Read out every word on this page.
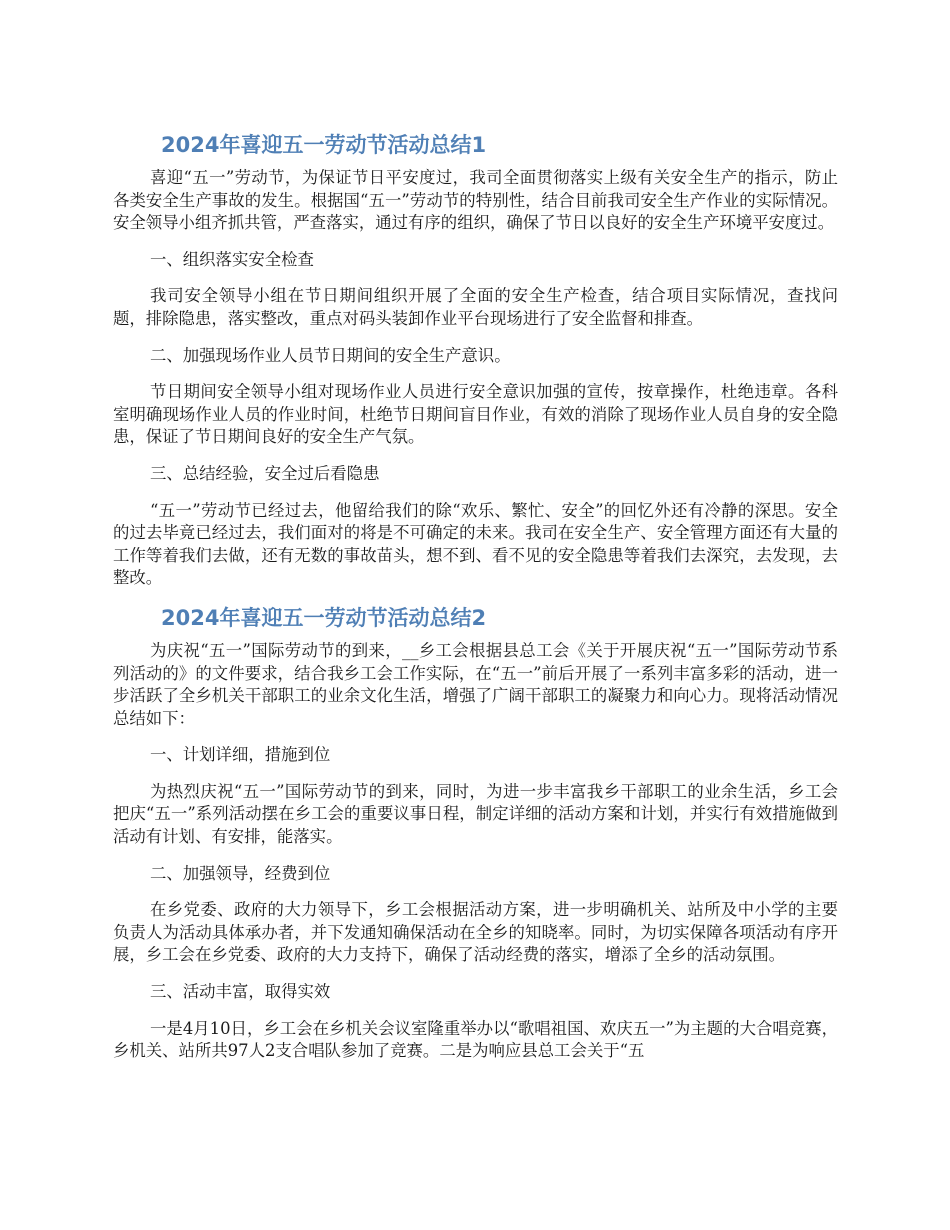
2024年喜迎五一劳动节活动总结1

喜迎“五一”劳动节，为保证节日平安度过，我司全面贯彻落实上级有关安全生产的指示，防止各类安全生产事故的发生。根据国“五一”劳动节的特别性，结合目前我司安全生产作业的实际情况。安全领导小组齐抓共管，严查落实，通过有序的组织，确保了节日以良好的安全生产环境平安度过。

一、组织落实安全检查

我司安全领导小组在节日期间组织开展了全面的安全生产检查，结合项目实际情况，查找问题，排除隐患，落实整改，重点对码头装卸作业平台现场进行了安全监督和排查。

二、加强现场作业人员节日期间的安全生产意识。

节日期间安全领导小组对现场作业人员进行安全意识加强的宣传，按章操作，杜绝违章。各科室明确现场作业人员的作业时间，杜绝节日期间盲目作业，有效的消除了现场作业人员自身的安全隐患，保证了节日期间良好的安全生产气氛。

三、总结经验，安全过后看隐患

“五一”劳动节已经过去，他留给我们的除“欢乐、繁忙、安全”的回忆外还有冷静的深思。安全的过去毕竟已经过去，我们面对的将是不可确定的未来。我司在安全生产、安全管理方面还有大量的工作等着我们去做，还有无数的事故苗头，想不到、看不见的安全隐患等着我们去深究，去发现，去整改。

2024年喜迎五一劳动节活动总结2

为庆祝“五一”国际劳动节的到来，__乡工会根据县总工会《关于开展庆祝“五一”国际劳动节系列活动的》的文件要求，结合我乡工会工作实际，在“五一”前后开展了一系列丰富多彩的活动，进一步活跃了全乡机关干部职工的业余文化生活，增强了广阔干部职工的凝聚力和向心力。现将活动情况总结如下：

一、计划详细，措施到位

为热烈庆祝“五一”国际劳动节的到来，同时，为进一步丰富我乡干部职工的业余生活，乡工会把庆“五一”系列活动摆在乡工会的重要议事日程，制定详细的活动方案和计划，并实行有效措施做到活动有计划、有安排，能落实。

二、加强领导，经费到位

在乡党委、政府的大力领导下，乡工会根据活动方案，进一步明确机关、站所及中小学的主要负责人为活动具体承办者，并下发通知确保活动在全乡的知晓率。同时，为切实保障各项活动有序开展，乡工会在乡党委、政府的大力支持下，确保了活动经费的落实，增添了全乡的活动氛围。

三、活动丰富，取得实效

一是4月10日，乡工会在乡机关会议室隆重举办以“歌唱祖国、欢庆五一”为主题的大合唱竞赛，乡机关、站所共97人2支合唱队参加了竞赛。二是为响应县总工会关于“五
